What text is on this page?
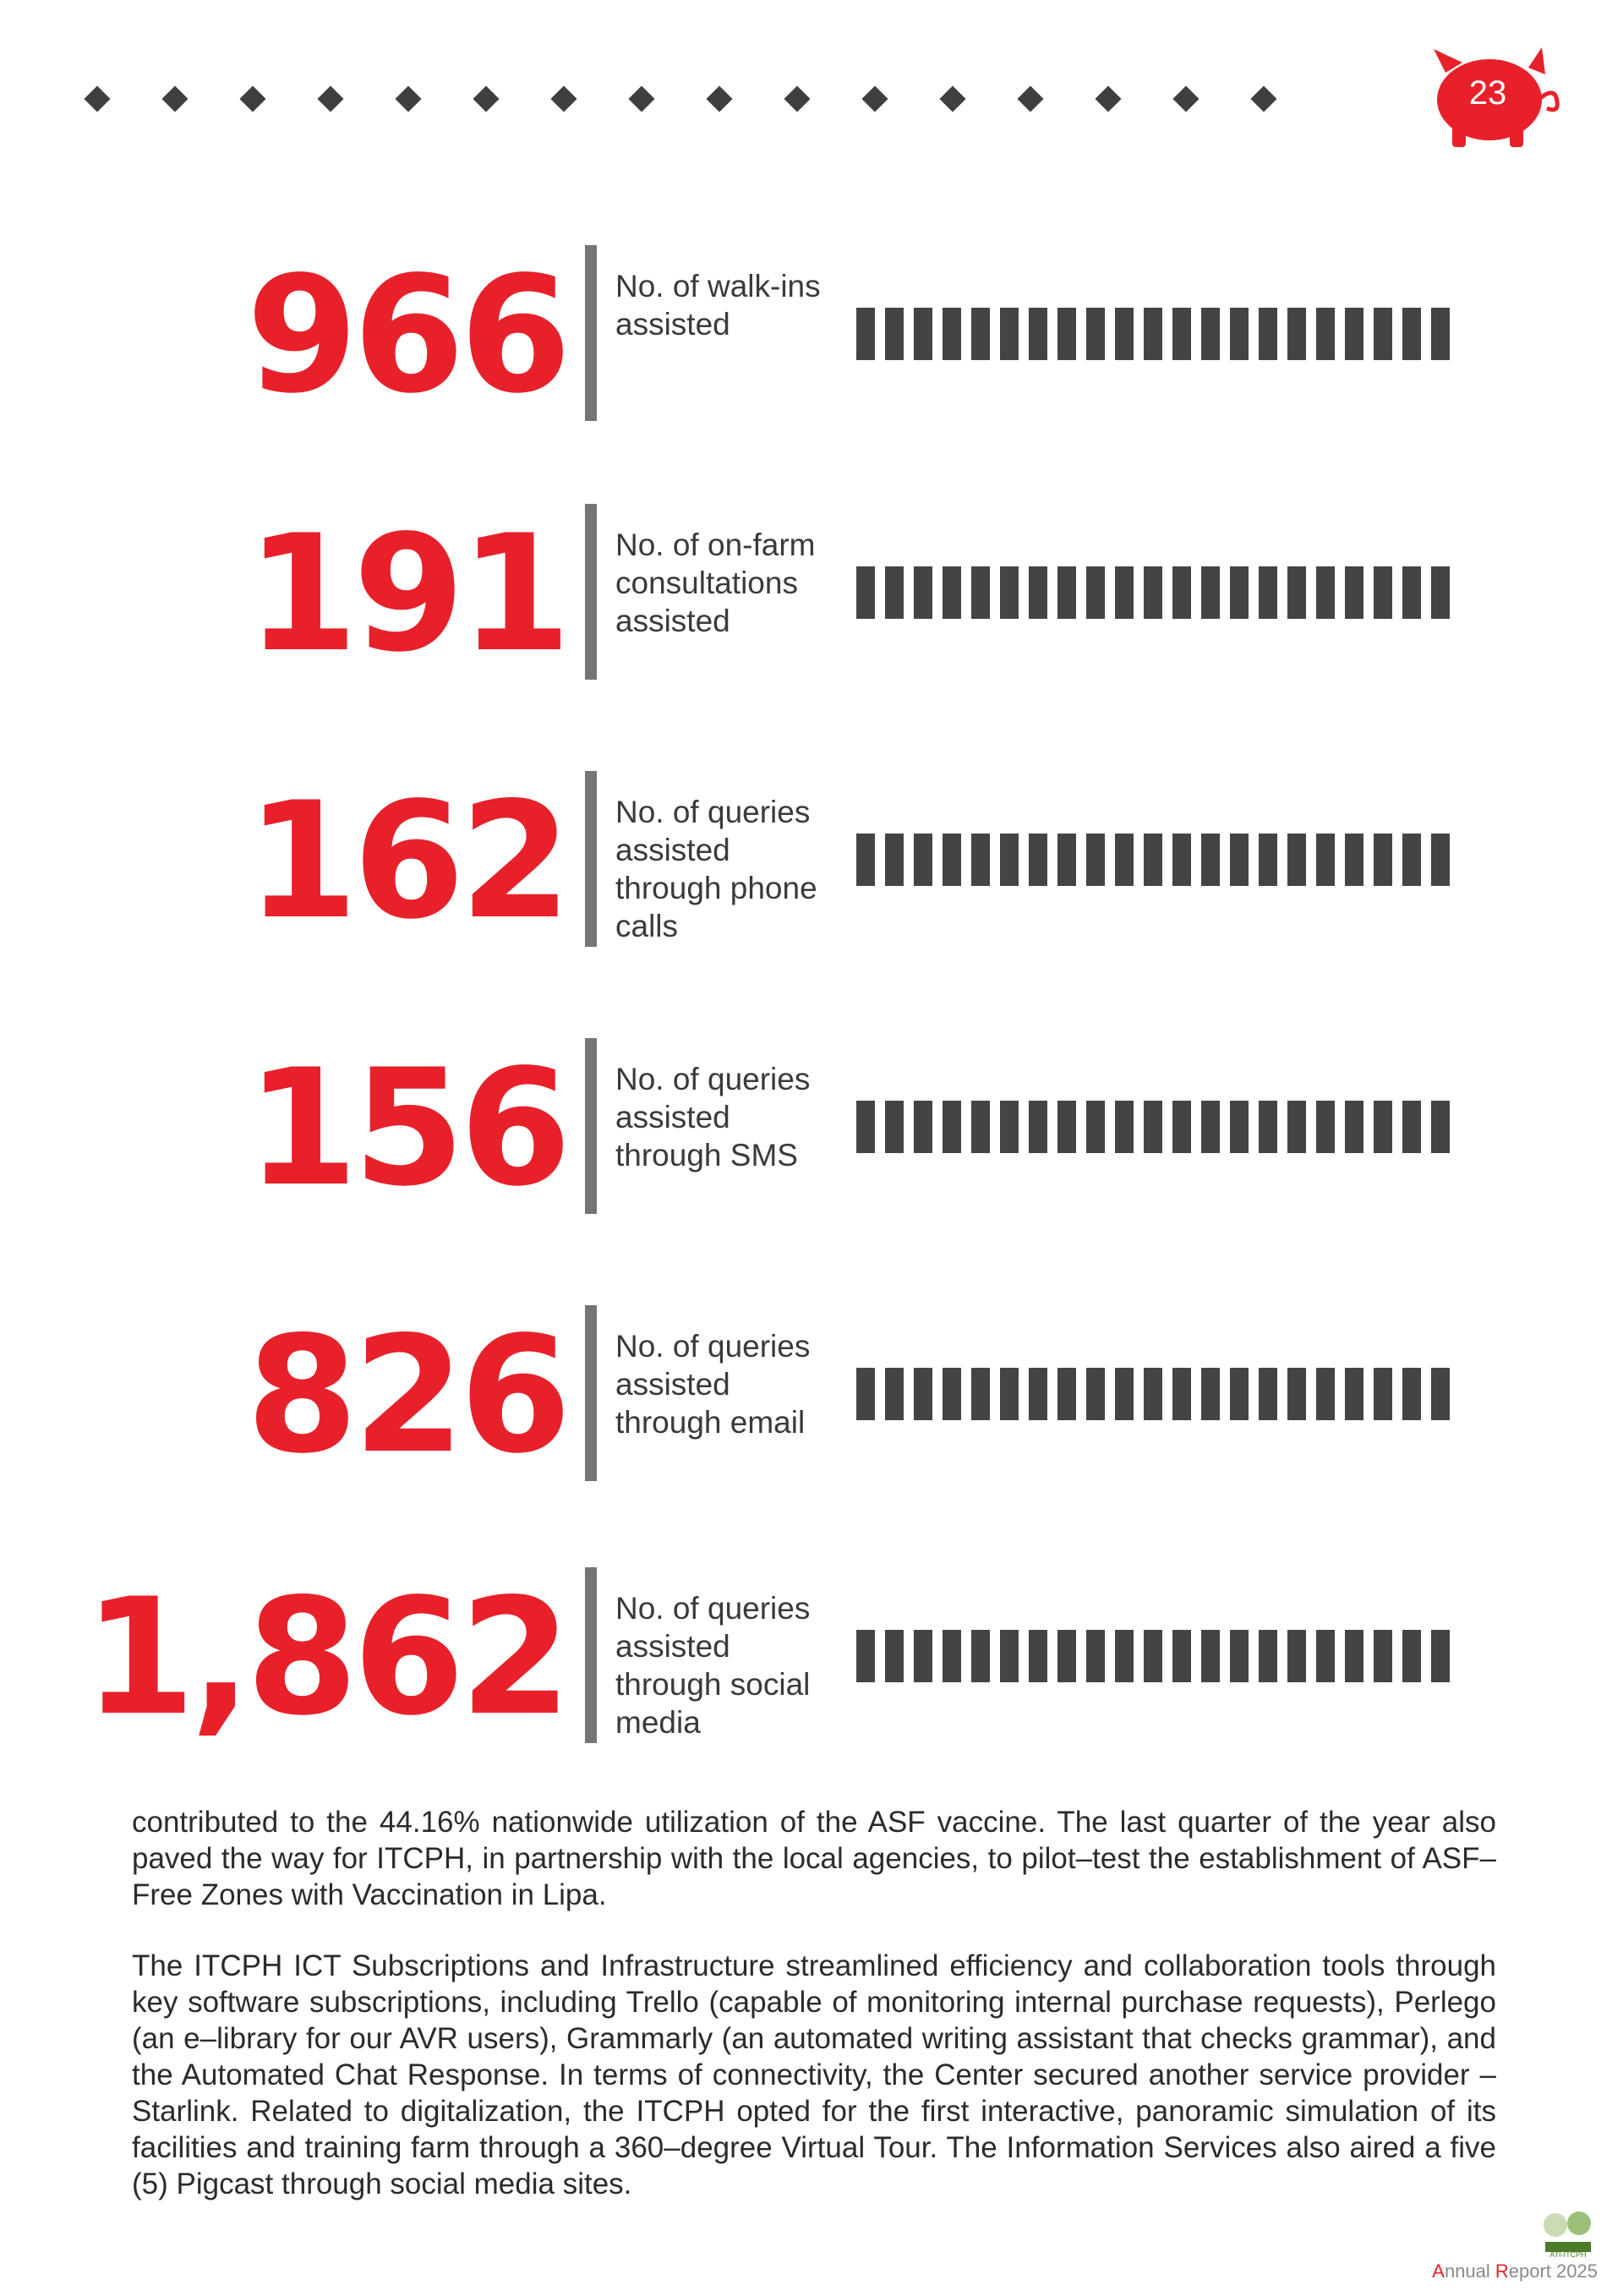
23
966 No. of walk-ins assisted
191 No. of on-farm consultations assisted
162 No. of queries assisted through phone calls
156 No. of queries assisted through SMS
826 No. of queries assisted through email
1,862 No. of queries assisted through social media
contributed to the 44.16% nationwide utilization of the ASF vaccine. The last quarter of the year also paved the way for ITCPH, in partnership with the local agencies, to pilot–test the establishment of ASF–Free Zones with Vaccination in Lipa.
The ITCPH ICT Subscriptions and Infrastructure streamlined efficiency and collaboration tools through key software subscriptions, including Trello (capable of monitoring internal purchase requests), Perlego (an e–library for our AVR users), Grammarly (an automated writing assistant that checks grammar), and the Automated Chat Response. In terms of connectivity, the Center secured another service provider – Starlink. Related to digitalization, the ITCPH opted for the first interactive, panoramic simulation of its facilities and training farm through a 360–degree Virtual Tour. The Information Services also aired a five (5) Pigcast through social media sites.
ATI-ITCPH
Annual Report 2025
